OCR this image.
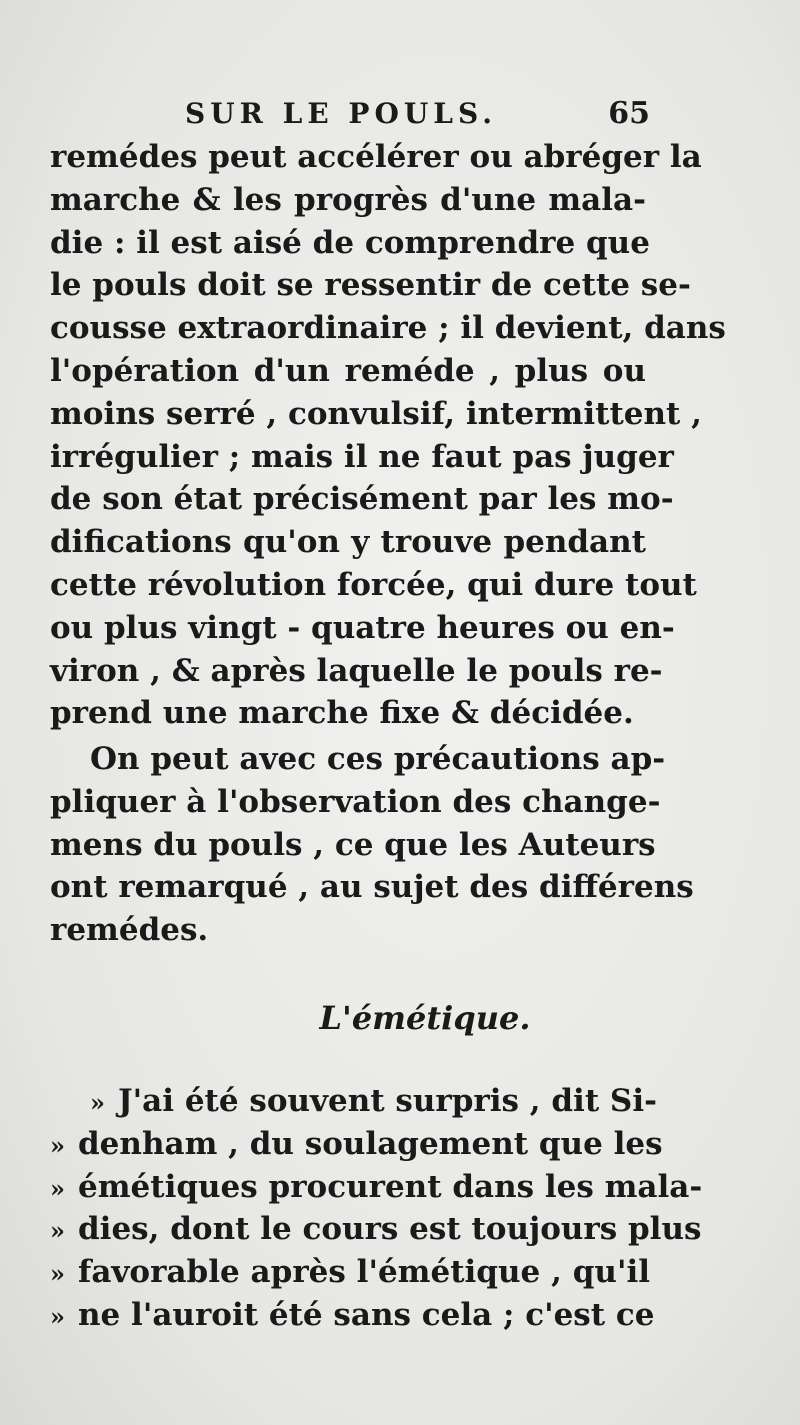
SUR LE POULS.	65
remédes peut accélérer ou abréger la
marche & les progrès d'une mala-
die : il est aisé de comprendre que
le pouls doit se ressentir de cette se-
cousse extraordinaire ; il devient, dans
l'opération d'un reméde , plus ou
moins serré , convulsif, intermittent ,
irrégulier ; mais il ne faut pas juger
de son état précisément par les mo-
difications qu'on y trouve pendant
cette révolution forcée, qui dure tout
ou plus vingt - quatre heures ou en-
viron , & après laquelle le pouls re-
prend une marche fixe & décidée.
On peut avec ces précautions ap-
pliquer à l'observation des change-
mens du pouls , ce que les Auteurs
ont remarqué , au sujet des différens
remédes.
L'émétique.
» J'ai été souvent surpris , dit Si-
» denham , du soulagement que les
» émétiques procurent dans les mala-
» dies, dont le cours est toujours plus
» favorable après l'émétique , qu'il
» ne l'auroit été sans cela ; c'est ce
